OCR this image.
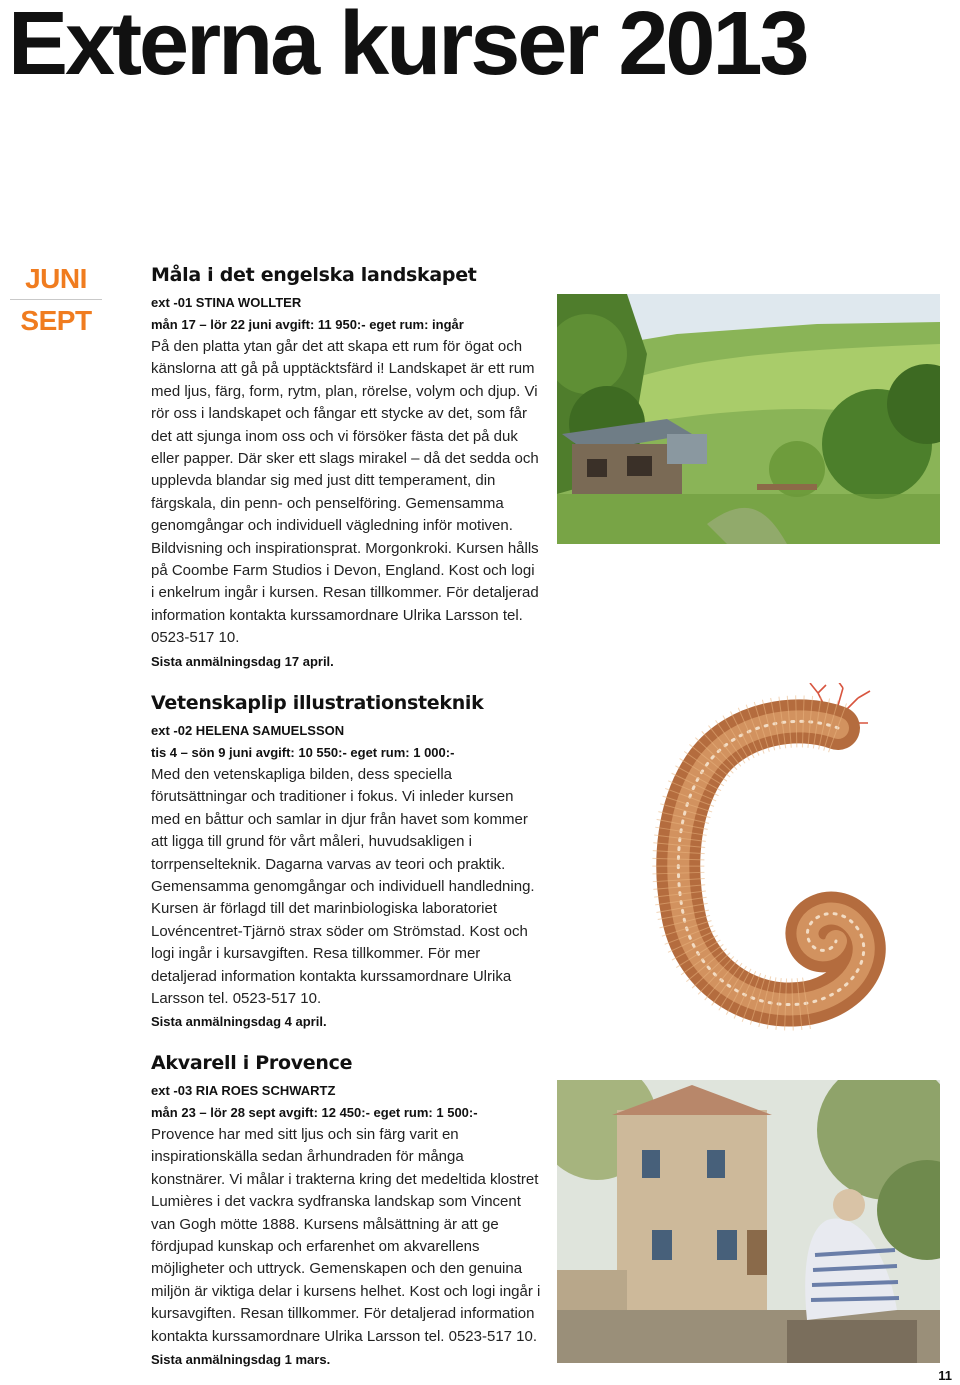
Externa kurser 2013
JUNI
SEPT
Måla i det engelska landskapet
ext -01 STINA WOLLTER
mån 17 – lör 22 juni avgift: 11 950:- eget rum: ingår

På den platta ytan går det att skapa ett rum för ögat och känslorna att gå på upptäcktsfärd i! Landskapet är ett rum med ljus, färg, form, rytm, plan, rörelse, volym och djup. Vi rör oss i landskapet och fångar ett stycke av det, som får det att sjunga inom oss och vi försöker fästa det på duk eller papper. Där sker ett slags mirakel – då det sedda och upplevda blandar sig med just ditt temperament, din färgskala, din penn- och penselföring. Gemensamma genomgångar och individuell vägledning inför motiven. Bildvisning och inspirationsprat. Morgonkroki. Kursen hålls på Coombe Farm Studios i Devon, England. Kost och logi i enkelrum ingår i kursen. Resan tillkommer. För detaljerad information kontakta kurssamordnare Ulrika Larsson tel. 0523-517 10.

Sista anmälningsdag 17 april.
Vetenskaplip illustrationsteknik
ext -02 HELENA SAMUELSSON
tis 4 – sön 9 juni avgift: 10 550:- eget rum: 1 000:-

Med den vetenskapliga bilden, dess speciella förutsättningar och traditioner i fokus. Vi inleder kursen med en båttur och samlar in djur från havet som kommer att ligga till grund för vårt måleri, huvudsakligen i torrpenselteknik. Dagarna varvas av teori och praktik. Gemensamma genomgångar och individuell handledning. Kursen är förlagd till det marinbiologiska laboratoriet Lovéncentret-Tjärnö strax söder om Strömstad. Kost och logi ingår i kursavgiften. Resa tillkommer. För mer detaljerad information kontakta kurssamordnare Ulrika Larsson tel. 0523-517 10.

Sista anmälningsdag 4 april.
Akvarell i Provence
ext -03 RIA ROES SCHWARTZ
mån 23 – lör 28 sept avgift: 12 450:- eget rum: 1 500:-

Provence har med sitt ljus och sin färg varit en inspirationskälla sedan århundraden för många konstnärer. Vi målar i trakterna kring det medeltida klostret Lumières i det vackra sydfranska landskap som Vincent van Gogh mötte 1888. Kursens målsättning är att ge fördjupad kunskap och erfarenhet om akvarellens möjligheter och uttryck. Gemenskapen och den genuina miljön är viktiga delar i kursens helhet. Kost och logi ingår i kursavgiften. Resan tillkommer. För detaljerad information kontakta kurssamordnare Ulrika Larsson tel. 0523-517 10.

Sista anmälningsdag 1 mars.
11
